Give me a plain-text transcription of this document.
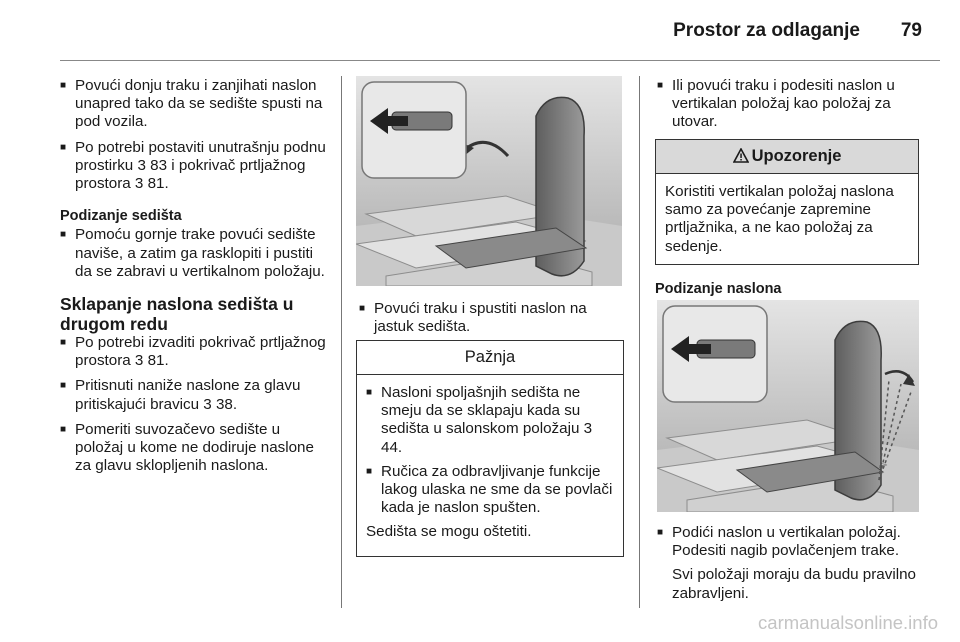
Prostor za odlaganje	79
■ Povući donju traku i zanjihati naslon unapred tako da se sedište spusti na pod vozila.
■ Po potrebi postaviti unutrašnju podnu prostirku 3 83 i pokrivač prtljažnog prostora 3 81.
Podizanje sedišta
■ Pomoću gornje trake povući sedište naviše, a zatim ga rasklopiti i pustiti da se zabravi u vertikalnom položaju.
Sklapanje naslona sedišta u drugom redu
■ Po potrebi izvaditi pokrivač prtljažnog prostora 3 81.
■ Pritisnuti naniže naslone za glavu pritiskajući bravicu 3 38.
■ Pomeriti suvozačevo sedište u položaj u kome ne dodiruje naslone za glavu sklopljenih naslona.
■ Povući traku i spustiti naslon na jastuk sedišta.
Pažnja
■ Nasloni spoljašnjih sedišta ne smeju da se sklapaju kada su sedišta u salonskom položaju 3 44.
■ Ručica za odbravljivanje funkcije lakog ulaska ne sme da se povlači kada je naslon spušten.

Sedišta se mogu oštetiti.

■ Ili povući traku i podesiti naslon u vertikalan položaj kao položaj za utovar.
Upozorenje

Koristiti vertikalan položaj naslona samo za povećanje zapremine prtljažnika, a ne kao položaj za sedenje.

Podizanje naslona
■ Podići naslon u vertikalan položaj. Podesiti nagib povlačenjem trake.

Svi položaji moraju da budu pravilno zabravljeni.

carmanualsonline.info
